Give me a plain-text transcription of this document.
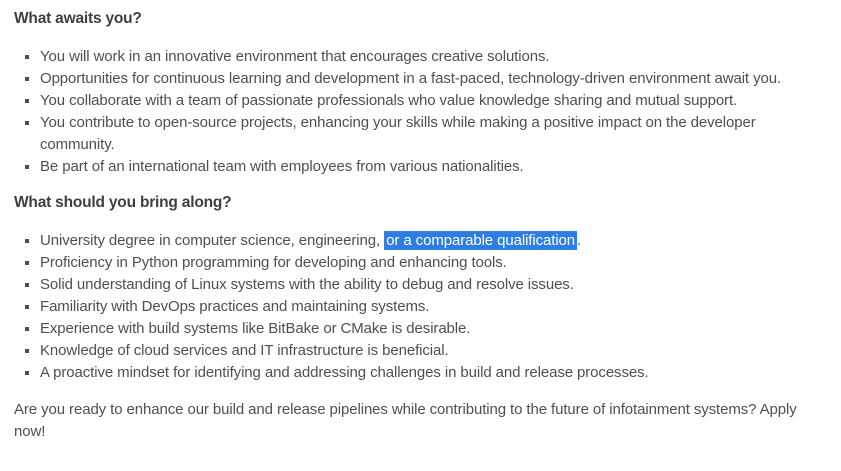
What awaits you?
You will work in an innovative environment that encourages creative solutions.
Opportunities for continuous learning and development in a fast-paced, technology-driven environment await you.
You collaborate with a team of passionate professionals who value knowledge sharing and mutual support.
You contribute to open-source projects, enhancing your skills while making a positive impact on the developer community.
Be part of an international team with employees from various nationalities.
What should you bring along?
University degree in computer science, engineering, or a comparable qualification .
Proficiency in Python programming for developing and enhancing tools.
Solid understanding of Linux systems with the ability to debug and resolve issues.
Familiarity with DevOps practices and maintaining systems.
Experience with build systems like BitBake or CMake is desirable.
Knowledge of cloud services and IT infrastructure is beneficial.
A proactive mindset for identifying and addressing challenges in build and release processes.

Are you ready to enhance our build and release pipelines while contributing to the future of infotainment systems? Apply now!
